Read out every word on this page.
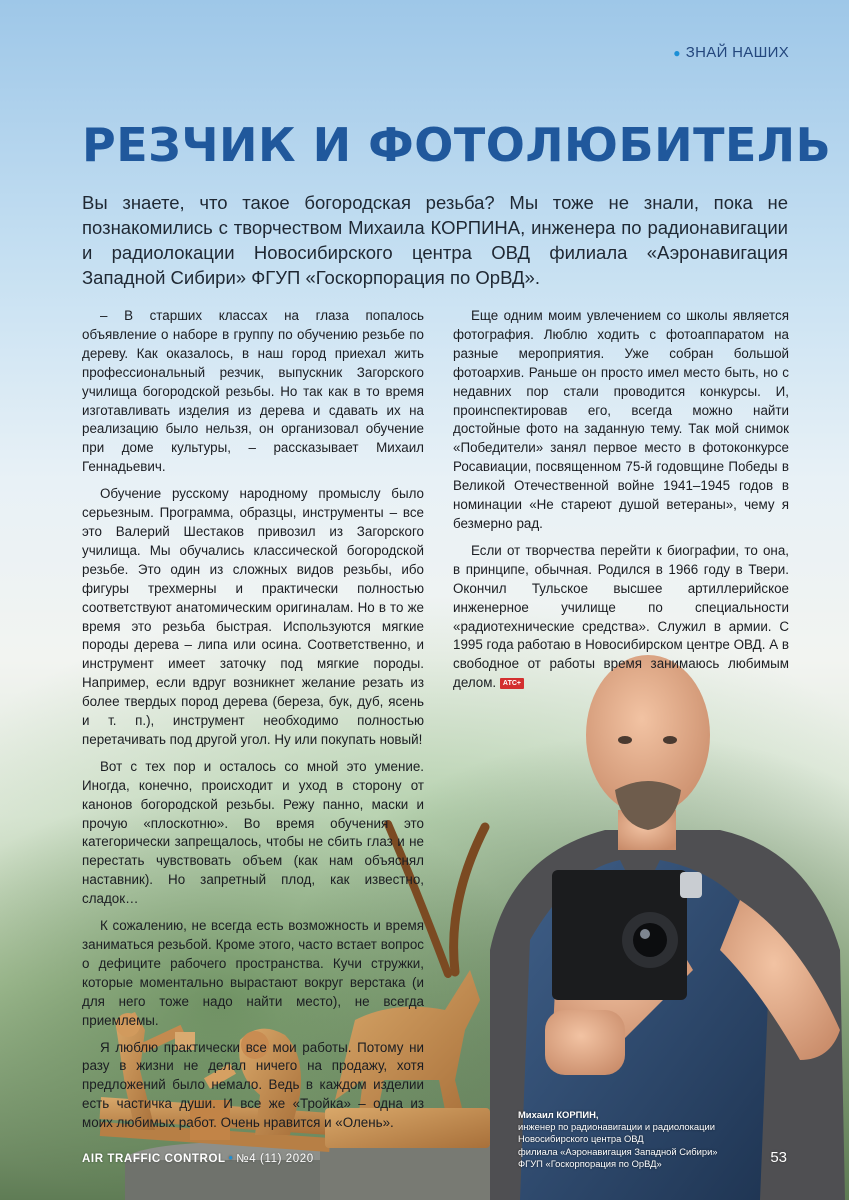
● ЗНАЙ НАШИХ
РЕЗЧИК И ФОТОЛЮБИТЕЛЬ
Вы знаете, что такое богородская резьба? Мы тоже не знали, пока не познакомились с творчеством Михаила КОРПИНА, инженера по радионавигации и радиолокации Новосибирского центра ОВД филиала «Аэронавигация Западной Сибири» ФГУП «Госкорпорация по ОрВД».

– В старших классах на глаза попалось объявление о наборе в группу по обучению резьбе по дереву. Как оказалось, в наш город приехал жить профессиональный резчик, выпускник Загорского училища богородской резьбы. Но так как в то время изготавливать изделия из дерева и сдавать их на реализацию было нельзя, он организовал обучение при доме культуры, – рассказывает Михаил Геннадьевич.

Обучение русскому народному промыслу было серьезным. Программа, образцы, инструменты – все это Валерий Шестаков привозил из Загорского училища. Мы обучались классической богородской резьбе. Это один из сложных видов резьбы, ибо фигуры трехмерны и практически полностью соответствуют анатомическим оригиналам. Но в то же время это резьба быстрая. Используются мягкие породы дерева – липа или осина. Соответственно, и инструмент имеет заточку под мягкие породы. Например, если вдруг возникнет желание резать из более твердых пород дерева (береза, бук, дуб, ясень и т. п.), инструмент необходимо полностью перетачивать под другой угол. Ну или покупать новый!

Вот с тех пор и осталось со мной это умение. Иногда, конечно, происходит и уход в сторону от канонов богородской резьбы. Режу панно, маски и прочую «плоскотню». Во время обучения это категорически запрещалось, чтобы не сбить глаз и не перестать чувствовать объем (как нам объяснял наставник). Но запретный плод, как известно, сладок…

К сожалению, не всегда есть возможность и время заниматься резьбой. Кроме этого, часто встает вопрос о дефиците рабочего пространства. Кучи стружки, которые моментально вырастают вокруг верстака (и для него тоже надо найти место), не всегда приемлемы.

Я люблю практически все мои работы. Потому ни разу в жизни не делал ничего на продажу, хотя предложений было немало. Ведь в каждом изделии есть частичка души. И все же «Тройка» – одна из моих любимых работ. Очень нравится и «Олень».

Еще одним моим увлечением со школы является фотография. Люблю ходить с фотоаппаратом на разные мероприятия. Уже собран большой фотоархив. Раньше он просто имел место быть, но с недавних пор стали проводится конкурсы. И, проинспектировав его, всегда можно найти достойные фото на заданную тему. Так мой снимок «Победители» занял первое место в фотоконкурсе Росавиации, посвященном 75-й годовщине Победы в Великой Отечественной войне 1941–1945 годов в номинации «Не стареют душой ветераны», чему я безмерно рад.

Если от творчества перейти к биографии, то она, в принципе, обычная. Родился в 1966 году в Твери. Окончил Тульское высшее артиллерийское инженерное училище по специальности «радиотехнические средства». Служил в армии. С 1995 года работаю в Новосибирском центре ОВД. А в свободное от работы время занимаюсь любимым делом. АТС+

Михаил КОРПИН,
инженер по радионавигации и радиолокации
Новосибирского центра ОВД
филиала «Аэронавигация Западной Сибири»
ФГУП «Госкорпорация по ОрВД»
AIR TRAFFIC CONTROL • №4 (11) 2020	53
